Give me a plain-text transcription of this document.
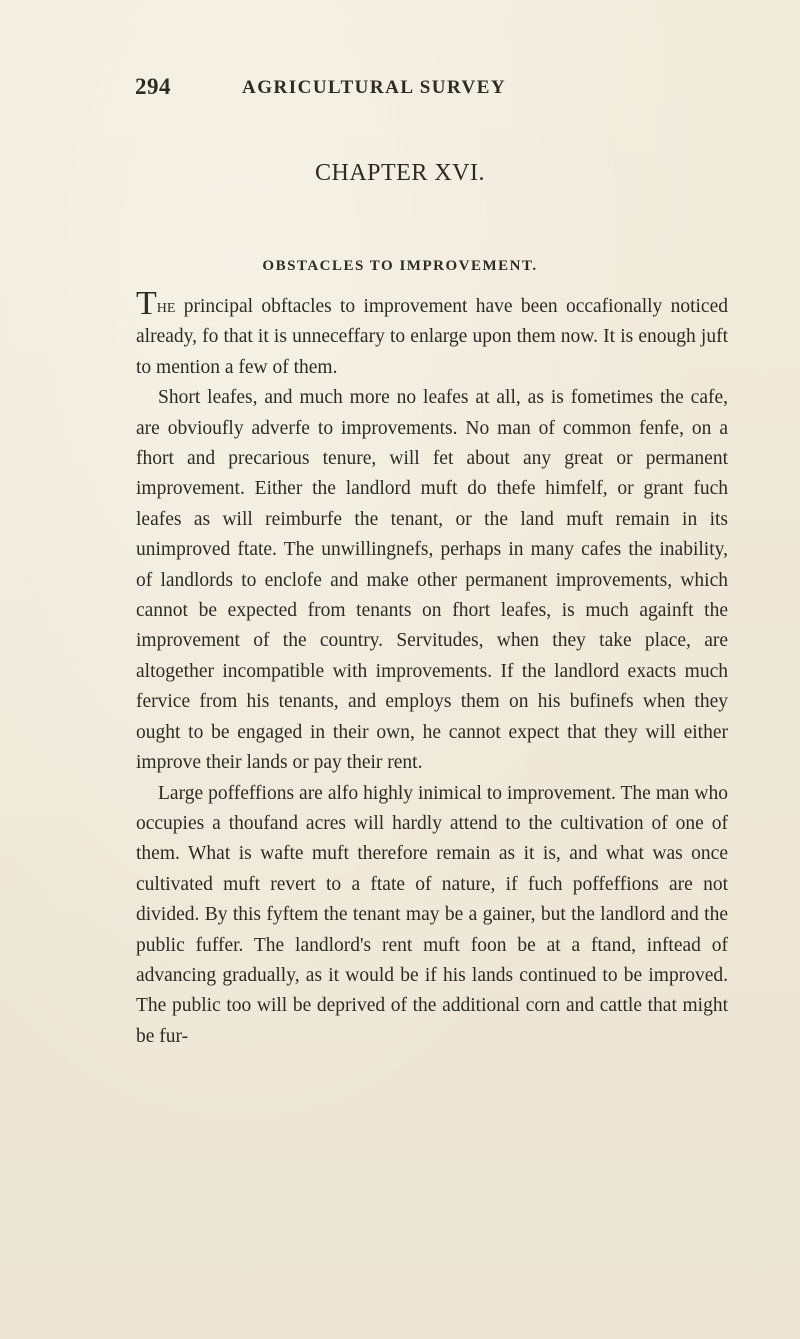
294	AGRICULTURAL SURVEY
CHAPTER XVI.
OBSTACLES TO IMPROVEMENT.

The principal obftacles to improvement have been occafionally noticed already, fo that it is unneceffary to enlarge upon them now. It is enough juft to mention a few of them.

Short leafes, and much more no leafes at all, as is fometimes the cafe, are obvioufly adverfe to improvements. No man of common fenfe, on a fhort and precarious tenure, will fet about any great or permanent improvement. Either the landlord muft do thefe himfelf, or grant fuch leafes as will reimburfe the tenant, or the land muft remain in its unimproved ftate. The unwillingnefs, perhaps in many cafes the inability, of landlords to enclofe and make other permanent improvements, which cannot be expected from tenants on fhort leafes, is much againft the improvement of the country. Servitudes, when they take place, are altogether incompatible with improvements. If the landlord exacts much fervice from his tenants, and employs them on his bufinefs when they ought to be engaged in their own, he cannot expect that they will either improve their lands or pay their rent.

Large poffeffions are alfo highly inimical to improvement. The man who occupies a thoufand acres will hardly attend to the cultivation of one of them. What is wafte muft therefore remain as it is, and what was once cultivated muft revert to a ftate of nature, if fuch poffeffions are not divided. By this fyftem the tenant may be a gainer, but the landlord and the public fuffer. The landlord's rent muft foon be at a ftand, inftead of advancing gradually, as it would be if his lands continued to be improved. The public too will be deprived of the additional corn and cattle that might be fur-
